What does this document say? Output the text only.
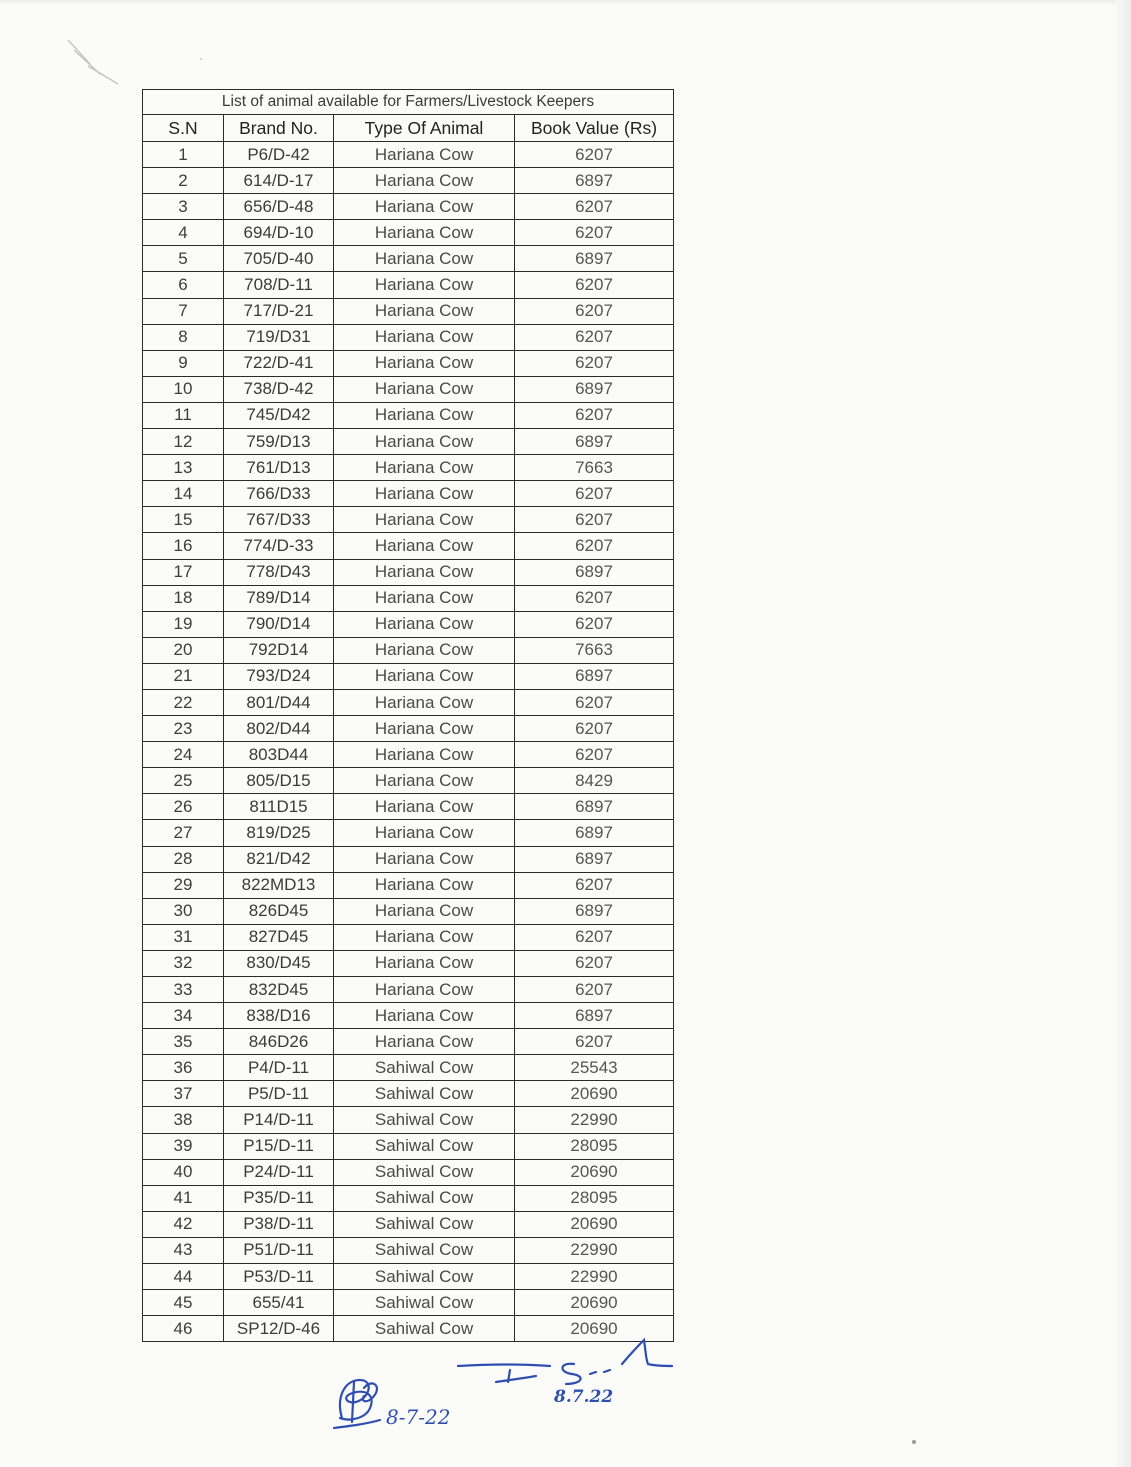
List of animal available for Farmers/Livestock Keepers
S.N	Brand No.	Type Of Animal	Book Value (Rs)
1	P6/D-42	Hariana Cow	6207
2	614/D-17	Hariana Cow	6897
3	656/D-48	Hariana Cow	6207
4	694/D-10	Hariana Cow	6207
5	705/D-40	Hariana Cow	6897
6	708/D-11	Hariana Cow	6207
7	717/D-21	Hariana Cow	6207
8	719/D31	Hariana Cow	6207
9	722/D-41	Hariana Cow	6207
10	738/D-42	Hariana Cow	6897
11	745/D42	Hariana Cow	6207
12	759/D13	Hariana Cow	6897
13	761/D13	Hariana Cow	7663
14	766/D33	Hariana Cow	6207
15	767/D33	Hariana Cow	6207
16	774/D-33	Hariana Cow	6207
17	778/D43	Hariana Cow	6897
18	789/D14	Hariana Cow	6207
19	790/D14	Hariana Cow	6207
20	792D14	Hariana Cow	7663
21	793/D24	Hariana Cow	6897
22	801/D44	Hariana Cow	6207
23	802/D44	Hariana Cow	6207
24	803D44	Hariana Cow	6207
25	805/D15	Hariana Cow	8429
26	811D15	Hariana Cow	6897
27	819/D25	Hariana Cow	6897
28	821/D42	Hariana Cow	6897
29	822MD13	Hariana Cow	6207
30	826D45	Hariana Cow	6897
31	827D45	Hariana Cow	6207
32	830/D45	Hariana Cow	6207
33	832D45	Hariana Cow	6207
34	838/D16	Hariana Cow	6897
35	846D26	Hariana Cow	6207
36	P4/D-11	Sahiwal Cow	25543
37	P5/D-11	Sahiwal Cow	20690
38	P14/D-11	Sahiwal Cow	22990
39	P15/D-11	Sahiwal Cow	28095
40	P24/D-11	Sahiwal Cow	20690
41	P35/D-11	Sahiwal Cow	28095
42	P38/D-11	Sahiwal Cow	20690
43	P51/D-11	Sahiwal Cow	22990
44	P53/D-11	Sahiwal Cow	22990
45	655/41	Sahiwal Cow	20690
46	SP12/D-46	Sahiwal Cow	20690
8-7-22
8.7.22
